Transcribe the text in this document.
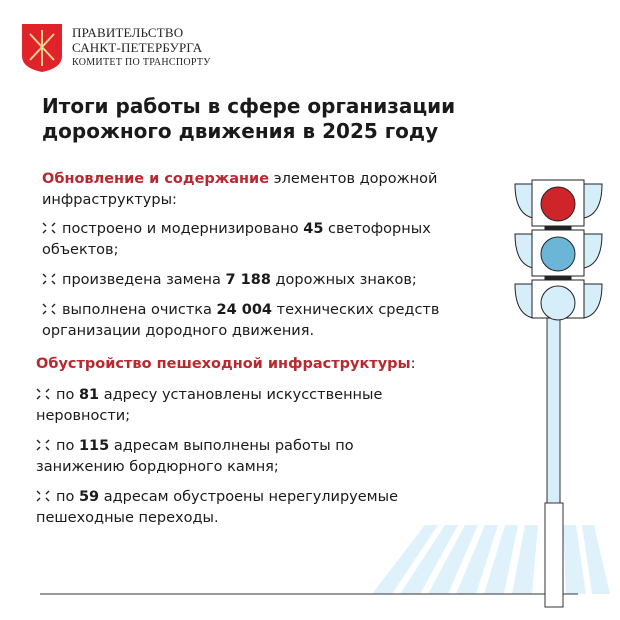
ПРАВИТЕЛЬСТВО
САНКТ-ПЕТЕРБУРГА
КОМИТЕТ ПО ТРАНСПОРТУ
Итоги работы в сфере организации дорожного движения в 2025 году
Обновление и содержание элементов дорожной инфраструктуры:
построено и модернизировано 45 светофорных объектов;
произведена замена 7 188 дорожных знаков;
выполнена очистка 24 004 технических средств организации дородного движения.
Обустройство пешеходной инфраструктуры:
по 81 адресу установлены искусственные неровности;
по 115 адресам выполнены работы по занижению бордюрного камня;
по 59 адресам обустроены нерегулируемые пешеходные переходы.
